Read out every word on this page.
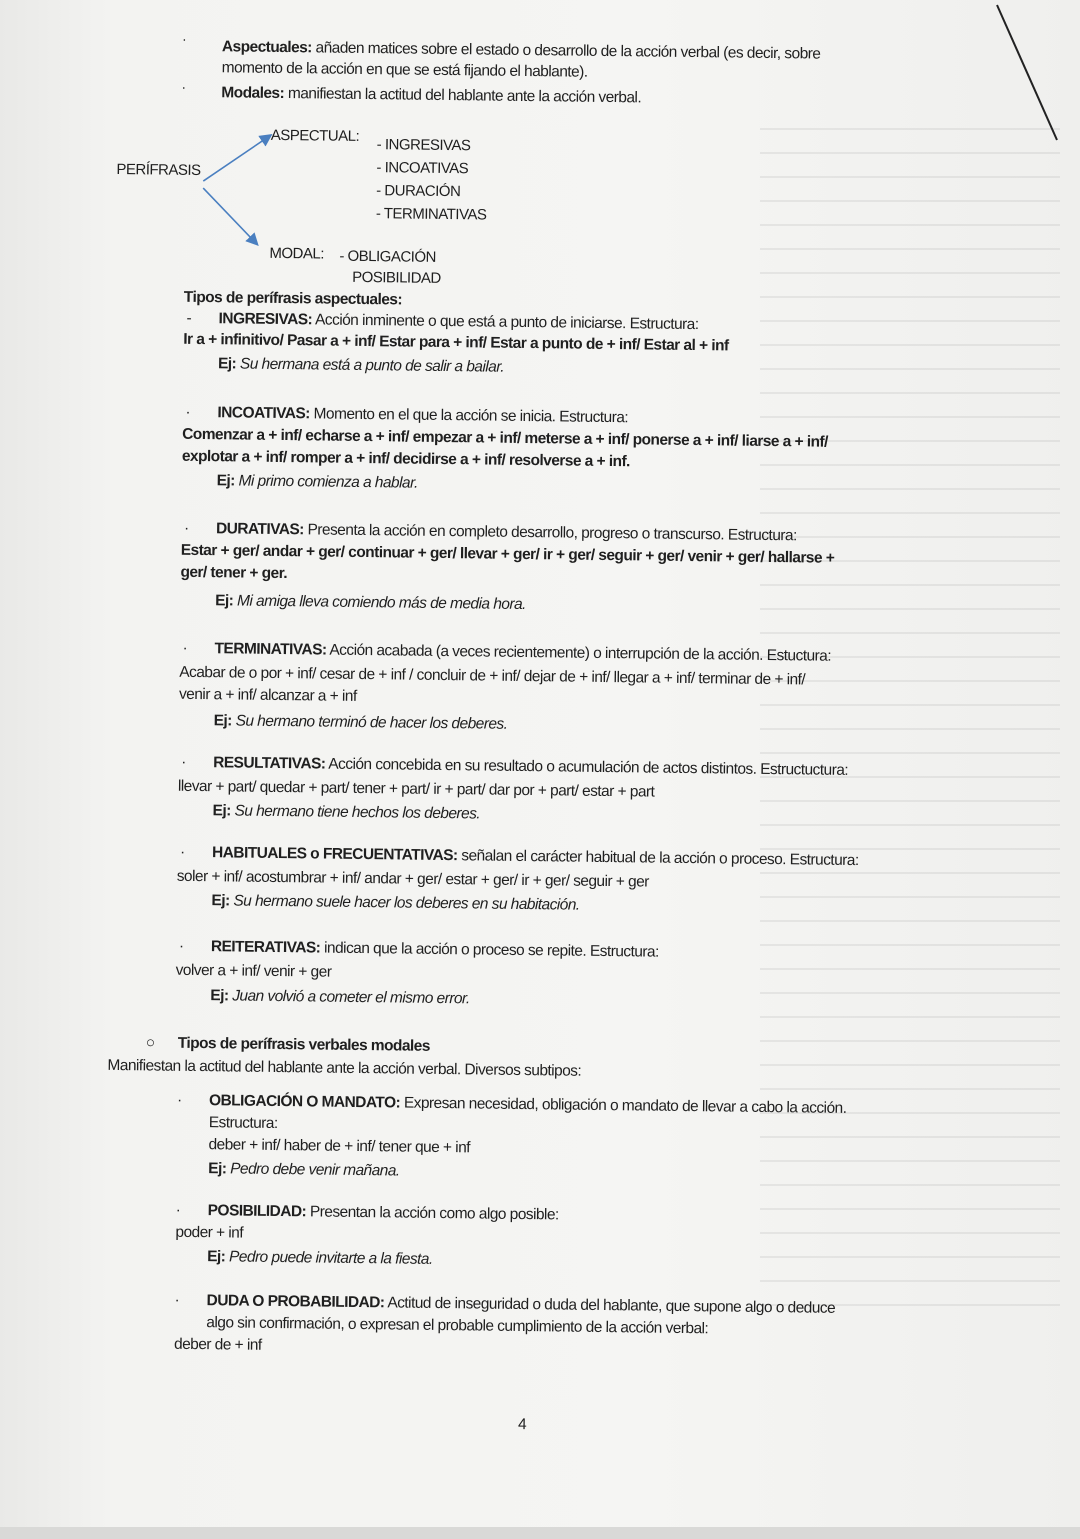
· Aspectuales: añaden matices sobre el estado o desarrollo de la acción verbal (es decir, sobre
momento de la acción en que se está fijando el hablante).
· Modales: manifiestan la actitud del hablante ante la acción verbal.
PERÍFRASIS
ASPECTUAL:
- INGRESIVAS
- INCOATIVAS
- DURACIÓN
- TERMINATIVAS
MODAL: - OBLIGACIÓN
POSIBILIDAD
Tipos de perífrasis aspectuales:
- INGRESIVAS: Acción inminente o que está a punto de iniciarse. Estructura:
Ir a + infinitivo/ Pasar a + inf/ Estar para + inf/ Estar a punto de + inf/ Estar al + inf
Ej: Su hermana está a punto de salir a bailar.
· INCOATIVAS: Momento en el que la acción se inicia. Estructura:
Comenzar a + inf/ echarse a + inf/ empezar a + inf/ meterse a + inf/ ponerse a + inf/ liarse a + inf/
explotar a + inf/ romper a + inf/ decidirse a + inf/ resolverse a + inf.
Ej: Mi primo comienza a hablar.
· DURATIVAS: Presenta la acción en completo desarrollo, progreso o transcurso. Estructura:
Estar + ger/ andar + ger/ continuar + ger/ llevar + ger/ ir + ger/ seguir + ger/ venir + ger/ hallarse +
ger/ tener + ger.
Ej: Mi amiga lleva comiendo más de media hora.
· TERMINATIVAS: Acción acabada (a veces recientemente) o interrupción de la acción. Estuctura:
Acabar de o por + inf/ cesar de + inf / concluir de + inf/ dejar de + inf/ llegar a + inf/ terminar de + inf/
venir a + inf/ alcanzar a + inf
Ej: Su hermano terminó de hacer los deberes.
· RESULTATIVAS: Acción concebida en su resultado o acumulación de actos distintos. Estructuctura:
llevar + part/ quedar + part/ tener + part/ ir + part/ dar por + part/ estar + part
Ej: Su hermano tiene hechos los deberes.
· HABITUALES o FRECUENTATIVAS: señalan el carácter habitual de la acción o proceso. Estructura:
soler + inf/ acostumbrar + inf/ andar + ger/ estar + ger/ ir + ger/ seguir + ger
Ej: Su hermano suele hacer los deberes en su habitación.
· REITERATIVAS: indican que la acción o proceso se repite. Estructura:
volver a + inf/ venir + ger
Ej: Juan volvió a cometer el mismo error.
○ Tipos de perífrasis verbales modales
Manifiestan la actitud del hablante ante la acción verbal. Diversos subtipos:
· OBLIGACIÓN O MANDATO: Expresan necesidad, obligación o mandato de llevar a cabo la acción.
Estructura:
deber + inf/ haber de + inf/ tener que + inf
Ej: Pedro debe venir mañana.
· POSIBILIDAD: Presentan la acción como algo posible:
poder + inf
Ej: Pedro puede invitarte a la fiesta.
· DUDA O PROBABILIDAD: Actitud de inseguridad o duda del hablante, que supone algo o deduce
algo sin confirmación, o expresan el probable cumplimiento de la acción verbal:
deber de + inf
4
